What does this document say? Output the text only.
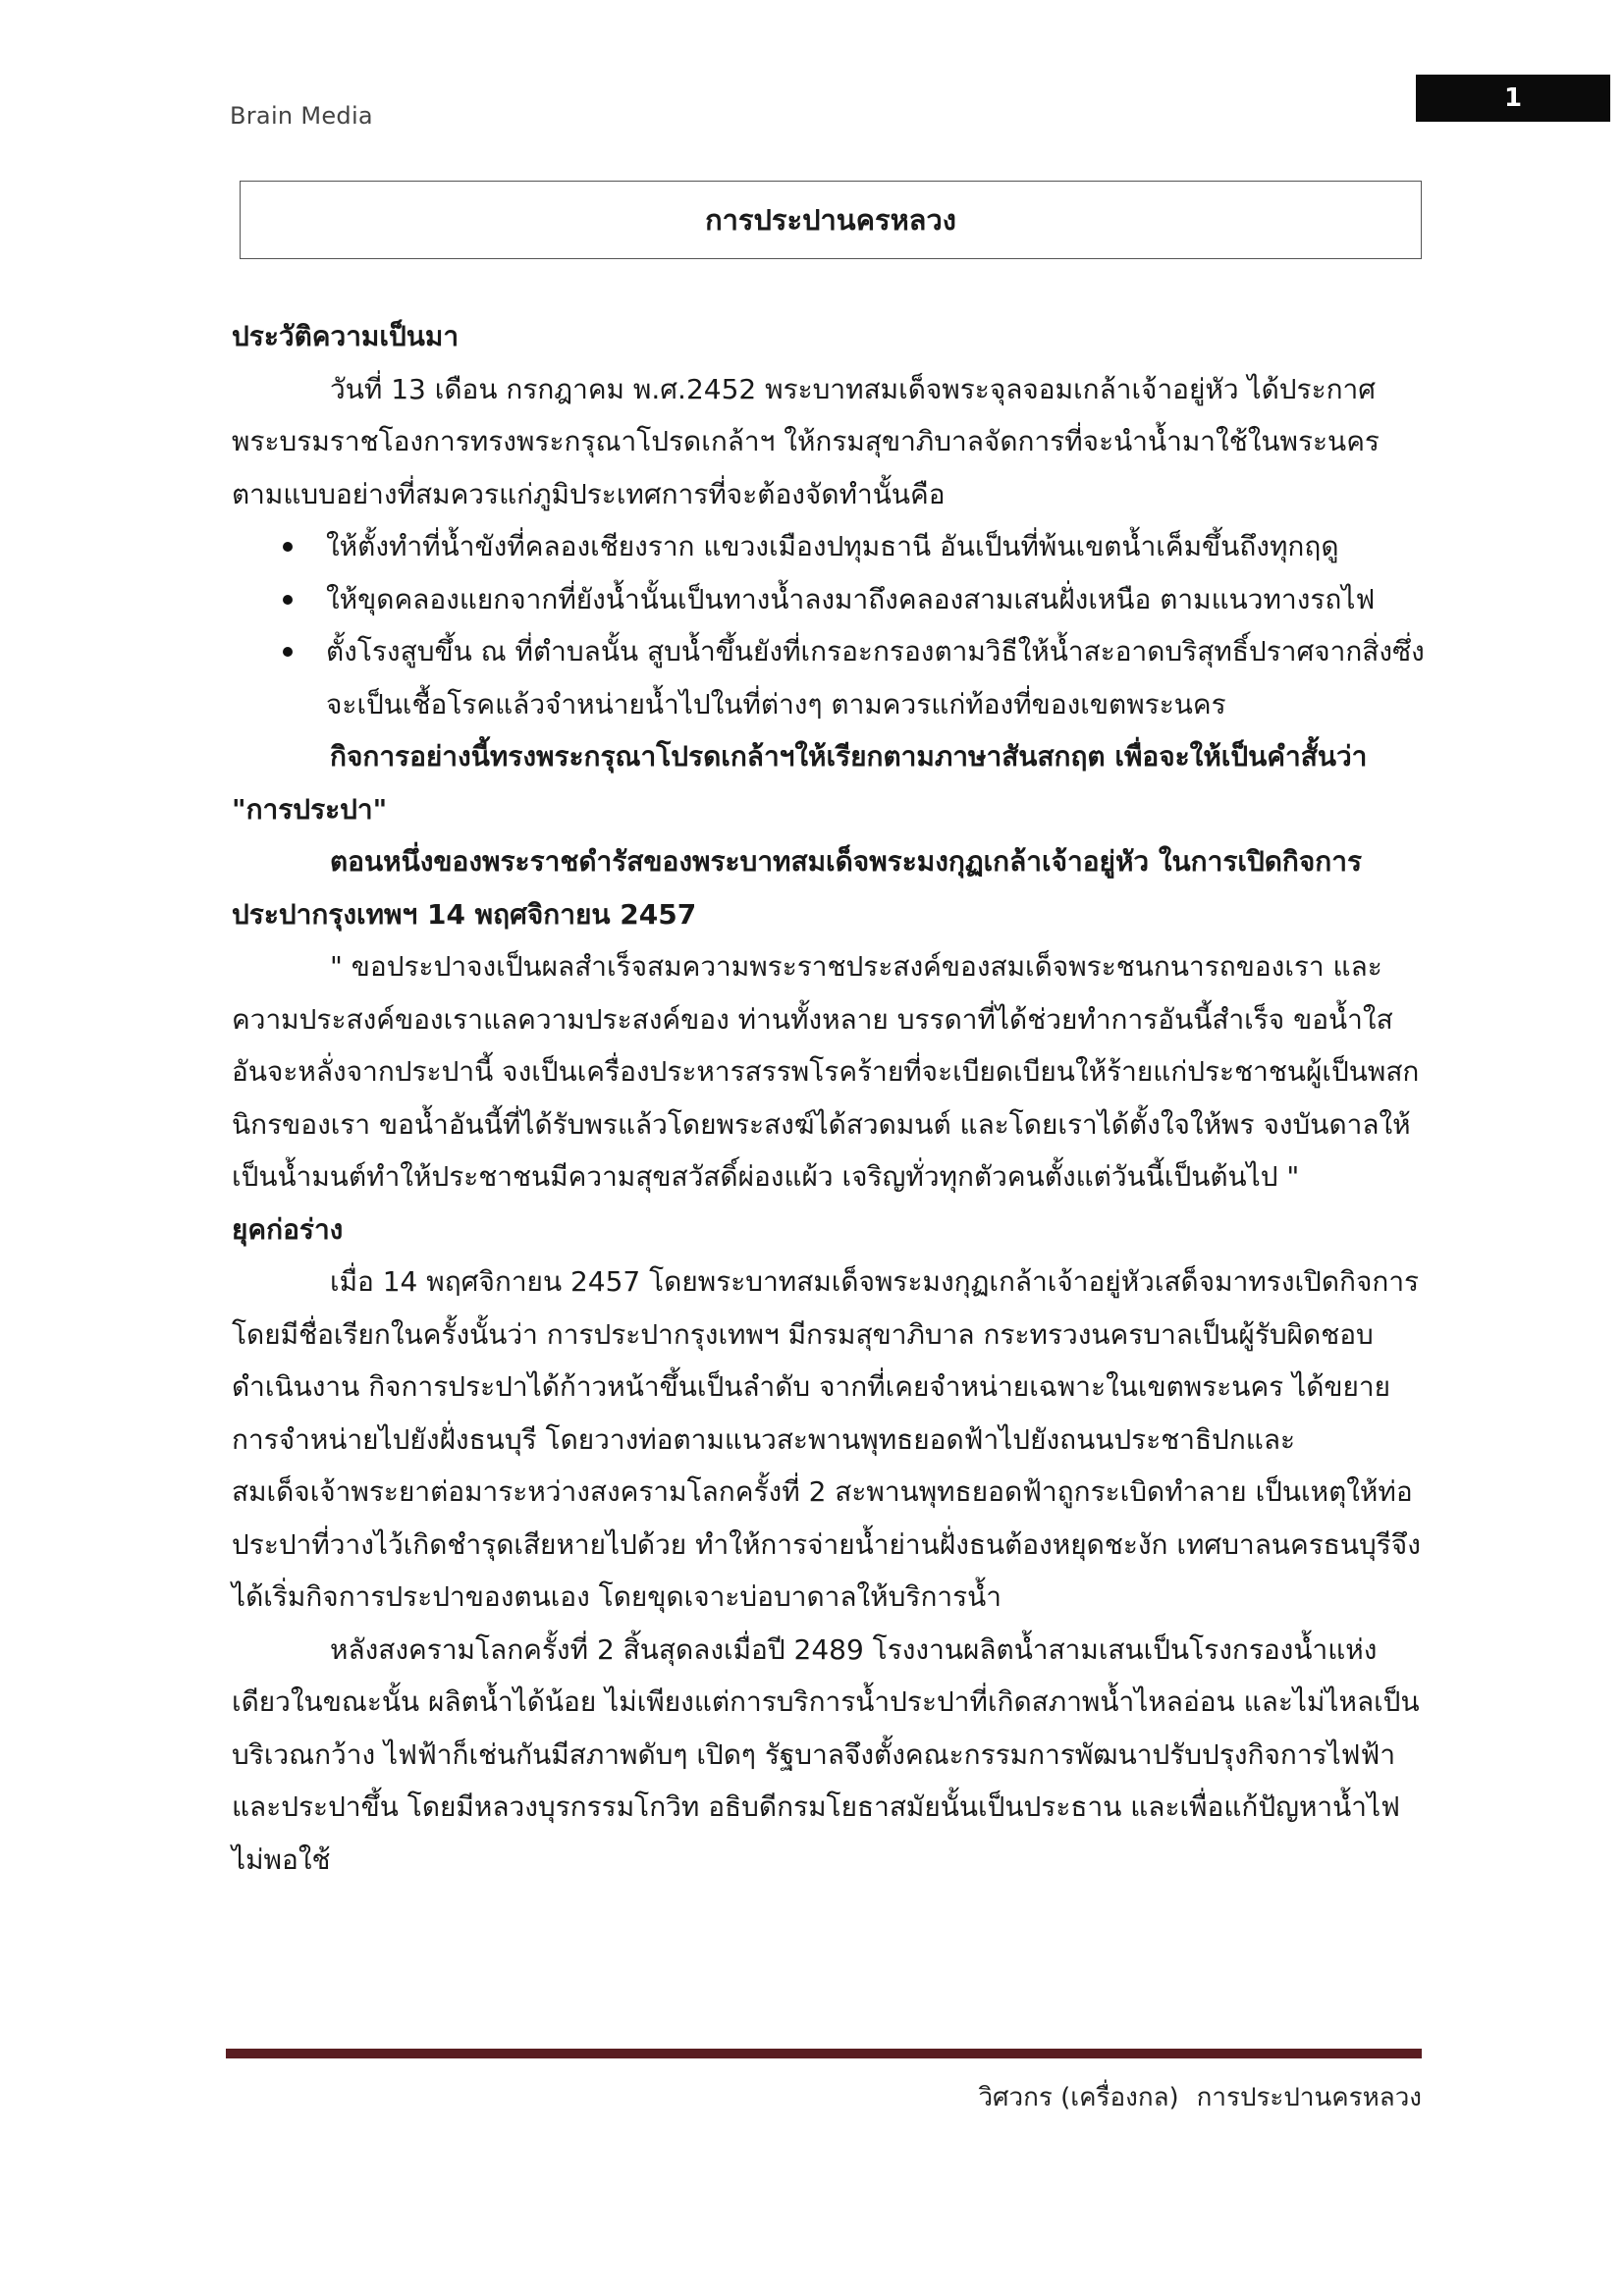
Brain Media
1
การประปานครหลวง

ประวัติความเป็นมา

วันที่ 13 เดือน กรกฎาคม พ.ศ.2452 พระบาทสมเด็จพระจุลจอมเกล้าเจ้าอยู่หัว ได้ประกาศพระบรมราชโองการทรงพระกรุณาโปรดเกล้าฯ ให้กรมสุขาภิบาลจัดการที่จะนำน้ำมาใช้ในพระนครตามแบบอย่างที่สมควรแก่ภูมิประเทศการที่จะต้องจัดทำนั้นคือ

ให้ตั้งทำที่น้ำขังที่คลองเชียงราก แขวงเมืองปทุมธานี อันเป็นที่พ้นเขตน้ำเค็มขึ้นถึงทุกฤดู
ให้ขุดคลองแยกจากที่ยังน้ำนั้นเป็นทางน้ำลงมาถึงคลองสามเสนฝั่งเหนือ ตามแนวทางรถไฟ
ตั้งโรงสูบขึ้น ณ ที่ตำบลนั้น สูบน้ำขึ้นยังที่เกรอะกรองตามวิธีให้น้ำสะอาดบริสุทธิ์ปราศจากสิ่งซึ่งจะเป็นเชื้อโรคแล้วจำหน่ายน้ำไปในที่ต่างๆ ตามควรแก่ท้องที่ของเขตพระนคร

กิจการอย่างนี้ทรงพระกรุณาโปรดเกล้าฯให้เรียกตามภาษาสันสกฤต เพื่อจะให้เป็นคำสั้นว่า "การประปา"

ตอนหนึ่งของพระราชดำรัสของพระบาทสมเด็จพระมงกุฏเกล้าเจ้าอยู่หัว ในการเปิดกิจการประปากรุงเทพฯ 14 พฤศจิกายน 2457

" ขอประปาจงเป็นผลสำเร็จสมความพระราชประสงค์ของสมเด็จพระชนกนารถของเรา และความประสงค์ของเราแลความประสงค์ของ ท่านทั้งหลาย บรรดาที่ได้ช่วยทำการอันนี้สำเร็จ ขอน้ำใสอันจะหลั่งจากประปานี้ จงเป็นเครื่องประหารสรรพโรคร้ายที่จะเบียดเบียนให้ร้ายแก่ประชาชนผู้เป็นพสกนิกรของเรา ขอน้ำอันนี้ที่ได้รับพรแล้วโดยพระสงฆ์ได้สวดมนต์ และโดยเราได้ตั้งใจให้พร จงบันดาลให้เป็นน้ำมนต์ทำให้ประชาชนมีความสุขสวัสดิ์ผ่องแผ้ว เจริญทั่วทุกตัวคนตั้งแต่วันนี้เป็นต้นไป "

ยุคก่อร่าง

เมื่อ 14 พฤศจิกายน 2457 โดยพระบาทสมเด็จพระมงกุฏเกล้าเจ้าอยู่หัวเสด็จมาทรงเปิดกิจการโดยมีชื่อเรียกในครั้งนั้นว่า การประปากรุงเทพฯ มีกรมสุขาภิบาล กระทรวงนครบาลเป็นผู้รับผิดชอบดำเนินงาน กิจการประปาได้ก้าวหน้าขึ้นเป็นลำดับ จากที่เคยจำหน่ายเฉพาะในเขตพระนคร ได้ขยายการจำหน่ายไปยังฝั่งธนบุรี โดยวางท่อตามแนวสะพานพุทธยอดฟ้าไปยังถนนประชาธิปกและสมเด็จเจ้าพระยาต่อมาระหว่างสงครามโลกครั้งที่ 2 สะพานพุทธยอดฟ้าถูกระเบิดทำลาย เป็นเหตุให้ท่อประปาที่วางไว้เกิดชำรุดเสียหายไปด้วย ทำให้การจ่ายน้ำย่านฝั่งธนต้องหยุดชะงัก เทศบาลนครธนบุรีจึงได้เริ่มกิจการประปาของตนเอง โดยขุดเจาะบ่อบาดาลให้บริการน้ำ

หลังสงครามโลกครั้งที่ 2 สิ้นสุดลงเมื่อปี 2489 โรงงานผลิตน้ำสามเสนเป็นโรงกรองน้ำแห่งเดียวในขณะนั้น ผลิตน้ำได้น้อย ไม่เพียงแต่การบริการน้ำประปาที่เกิดสภาพน้ำไหลอ่อน และไม่ไหลเป็นบริเวณกว้าง ไฟฟ้าก็เช่นกันมีสภาพดับๆ เปิดๆ รัฐบาลจึงตั้งคณะกรรมการพัฒนาปรับปรุงกิจการไฟฟ้า และประปาขึ้น โดยมีหลวงบุรกรรมโกวิท อธิบดีกรมโยธาสมัยนั้นเป็นประธาน และเพื่อแก้ปัญหาน้ำไฟไม่พอใช้

วิศวกร (เครื่องกล) การประปานครหลวง
